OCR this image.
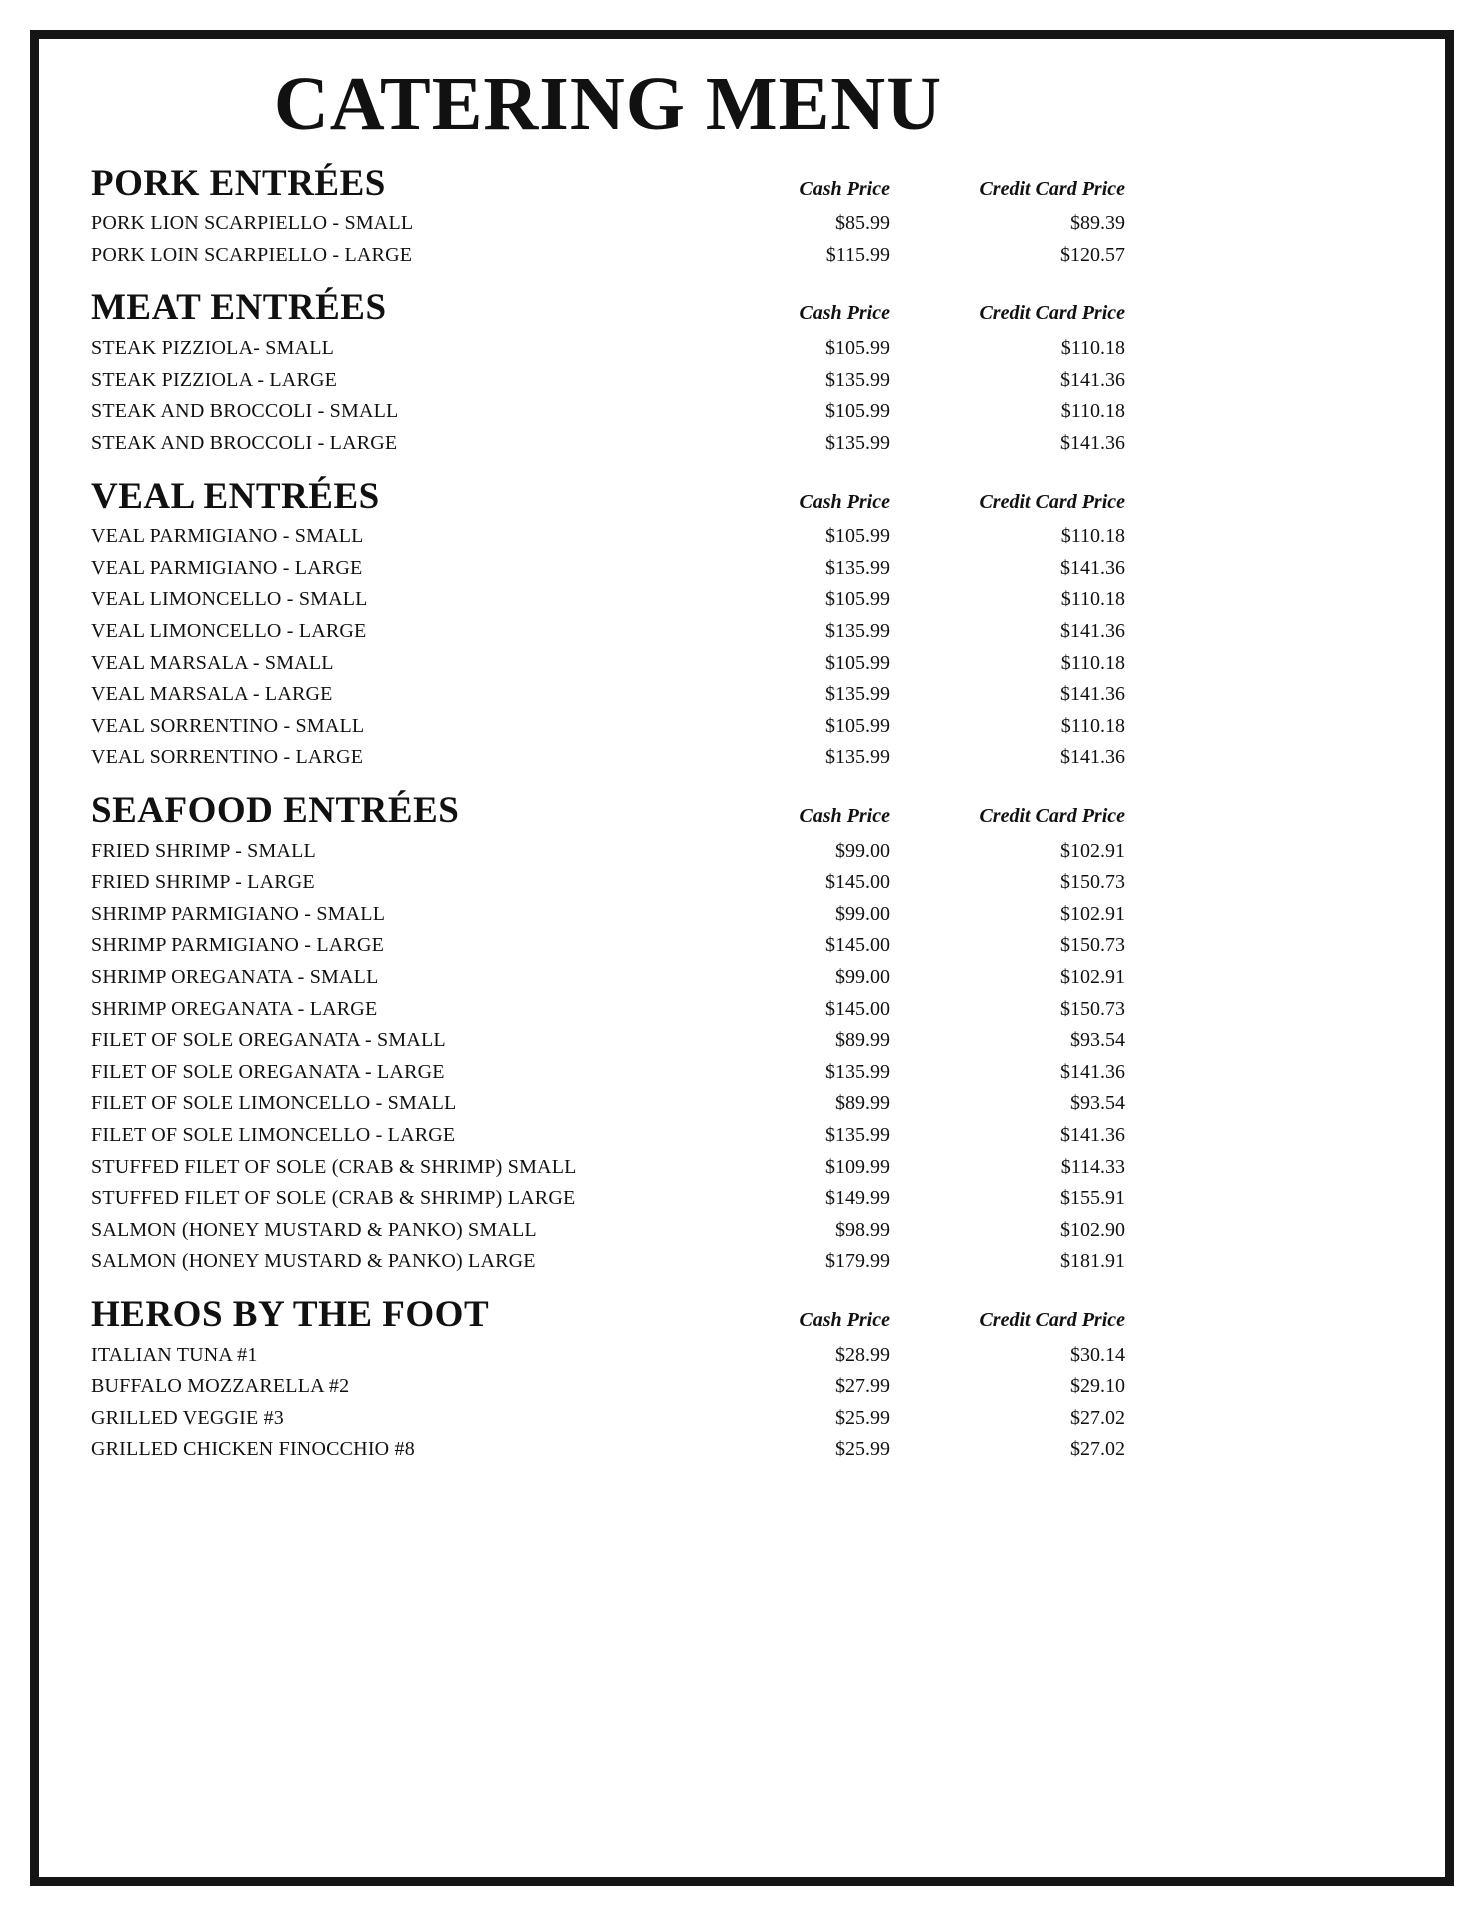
CATERING MENU
PORK ENTRÉES	Cash Price	Credit Card Price
PORK LION SCARPIELLO - SMALL	$85.99	$89.39
PORK LOIN SCARPIELLO - LARGE	$115.99	$120.57
MEAT ENTRÉES	Cash Price	Credit Card Price
STEAK PIZZIOLA- SMALL	$105.99	$110.18
STEAK PIZZIOLA - LARGE	$135.99	$141.36
STEAK AND BROCCOLI - SMALL	$105.99	$110.18
STEAK AND BROCCOLI - LARGE	$135.99	$141.36
VEAL ENTRÉES	Cash Price	Credit Card Price
VEAL PARMIGIANO - SMALL	$105.99	$110.18
VEAL PARMIGIANO - LARGE	$135.99	$141.36
VEAL LIMONCELLO - SMALL	$105.99	$110.18
VEAL LIMONCELLO - LARGE	$135.99	$141.36
VEAL MARSALA - SMALL	$105.99	$110.18
VEAL MARSALA - LARGE	$135.99	$141.36
VEAL SORRENTINO - SMALL	$105.99	$110.18
VEAL SORRENTINO - LARGE	$135.99	$141.36
SEAFOOD ENTRÉES	Cash Price	Credit Card Price
FRIED SHRIMP - SMALL	$99.00	$102.91
FRIED SHRIMP - LARGE	$145.00	$150.73
SHRIMP PARMIGIANO - SMALL	$99.00	$102.91
SHRIMP PARMIGIANO - LARGE	$145.00	$150.73
SHRIMP OREGANATA - SMALL	$99.00	$102.91
SHRIMP OREGANATA - LARGE	$145.00	$150.73
FILET OF SOLE OREGANATA - SMALL	$89.99	$93.54
FILET OF SOLE OREGANATA - LARGE	$135.99	$141.36
FILET OF SOLE LIMONCELLO - SMALL	$89.99	$93.54
FILET OF SOLE LIMONCELLO - LARGE	$135.99	$141.36
STUFFED FILET OF SOLE (CRAB & SHRIMP) SMALL	$109.99	$114.33
STUFFED FILET OF SOLE (CRAB & SHRIMP) LARGE	$149.99	$155.91
SALMON (HONEY MUSTARD & PANKO) SMALL	$98.99	$102.90
SALMON (HONEY MUSTARD & PANKO) LARGE	$179.99	$181.91
HEROS BY THE FOOT	Cash Price	Credit Card Price
ITALIAN TUNA #1	$28.99	$30.14
BUFFALO MOZZARELLA #2	$27.99	$29.10
GRILLED VEGGIE #3	$25.99	$27.02
GRILLED CHICKEN FINOCCHIO #8	$25.99	$27.02
